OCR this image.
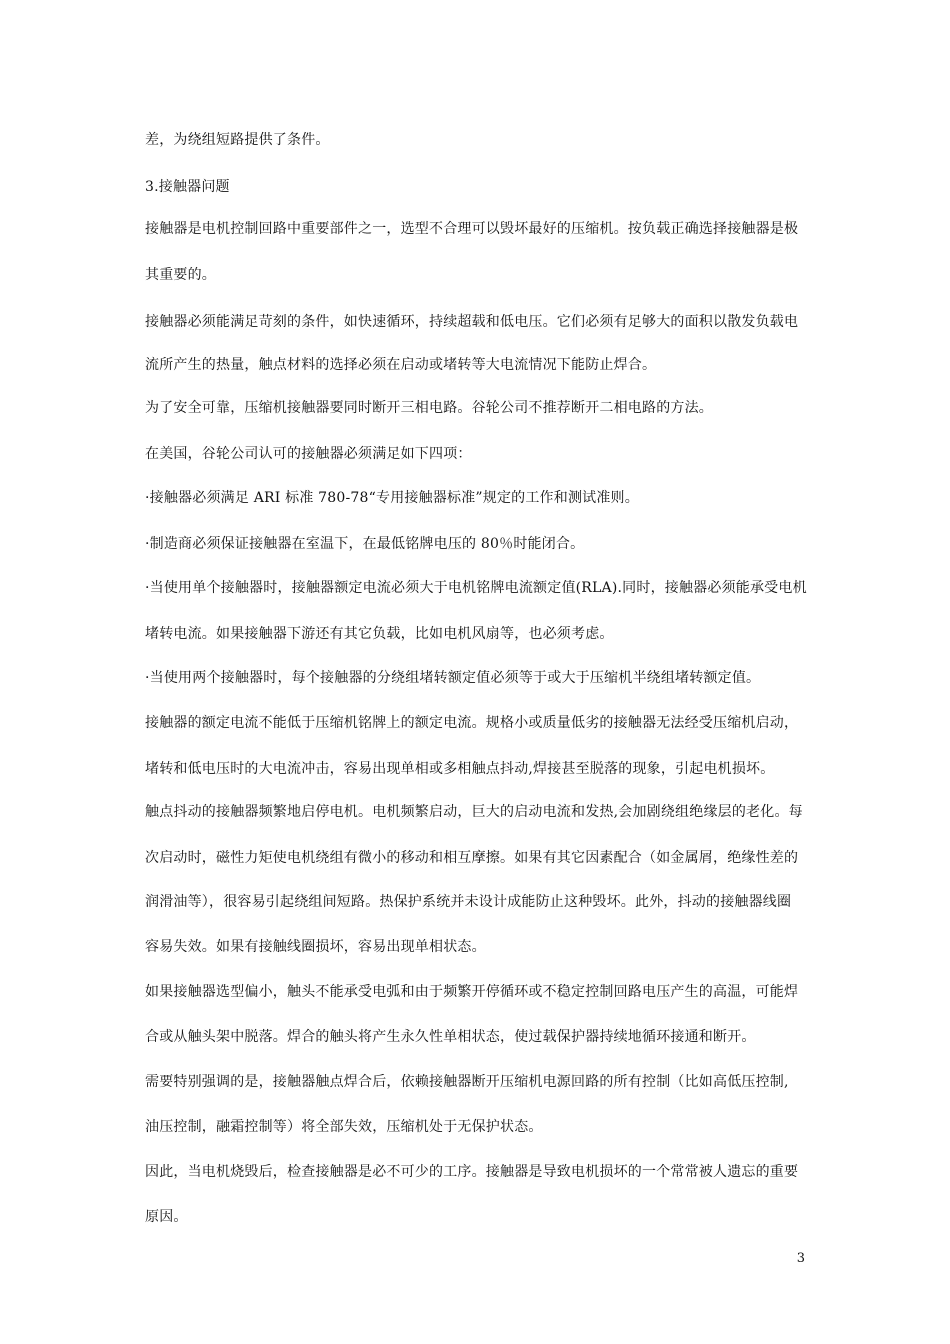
差，为绕组短路提供了条件。
3.接触器问题
接触器是电机控制回路中重要部件之一，选型不合理可以毁坏最好的压缩机。按负载正确选择接触器是极
其重要的。
接触器必须能满足苛刻的条件，如快速循环，持续超载和低电压。它们必须有足够大的面积以散发负载电
流所产生的热量，触点材料的选择必须在启动或堵转等大电流情况下能防止焊合。
为了安全可靠，压缩机接触器要同时断开三相电路。谷轮公司不推荐断开二相电路的方法。
在美国，谷轮公司认可的接触器必须满足如下四项：
·接触器必须满足 ARI 标准 780-78“专用接触器标准”规定的工作和测试准则。
·制造商必须保证接触器在室温下，在最低铭牌电压的 80％时能闭合。
·当使用单个接触器时，接触器额定电流必须大于电机铭牌电流额定值(RLA).同时，接触器必须能承受电机
堵转电流。如果接触器下游还有其它负载，比如电机风扇等，也必须考虑。
·当使用两个接触器时，每个接触器的分绕组堵转额定值必须等于或大于压缩机半绕组堵转额定值。
接触器的额定电流不能低于压缩机铭牌上的额定电流。规格小或质量低劣的接触器无法经受压缩机启动，
堵转和低电压时的大电流冲击，容易出现单相或多相触点抖动,焊接甚至脱落的现象，引起电机损坏。
触点抖动的接触器频繁地启停电机。电机频繁启动，巨大的启动电流和发热,会加剧绕组绝缘层的老化。每
次启动时，磁性力矩使电机绕组有微小的移动和相互摩擦。如果有其它因素配合（如金属屑，绝缘性差的
润滑油等），很容易引起绕组间短路。热保护系统并未设计成能防止这种毁坏。此外，抖动的接触器线圈
容易失效。如果有接触线圈损坏，容易出现单相状态。
如果接触器选型偏小，触头不能承受电弧和由于频繁开停循环或不稳定控制回路电压产生的高温，可能焊
合或从触头架中脱落。焊合的触头将产生永久性单相状态，使过载保护器持续地循环接通和断开。
需要特别强调的是，接触器触点焊合后，依赖接触器断开压缩机电源回路的所有控制（比如高低压控制,
油压控制，融霜控制等）将全部失效，压缩机处于无保护状态。
因此，当电机烧毁后，检查接触器是必不可少的工序。接触器是导致电机损坏的一个常常被人遗忘的重要
原因。
3
